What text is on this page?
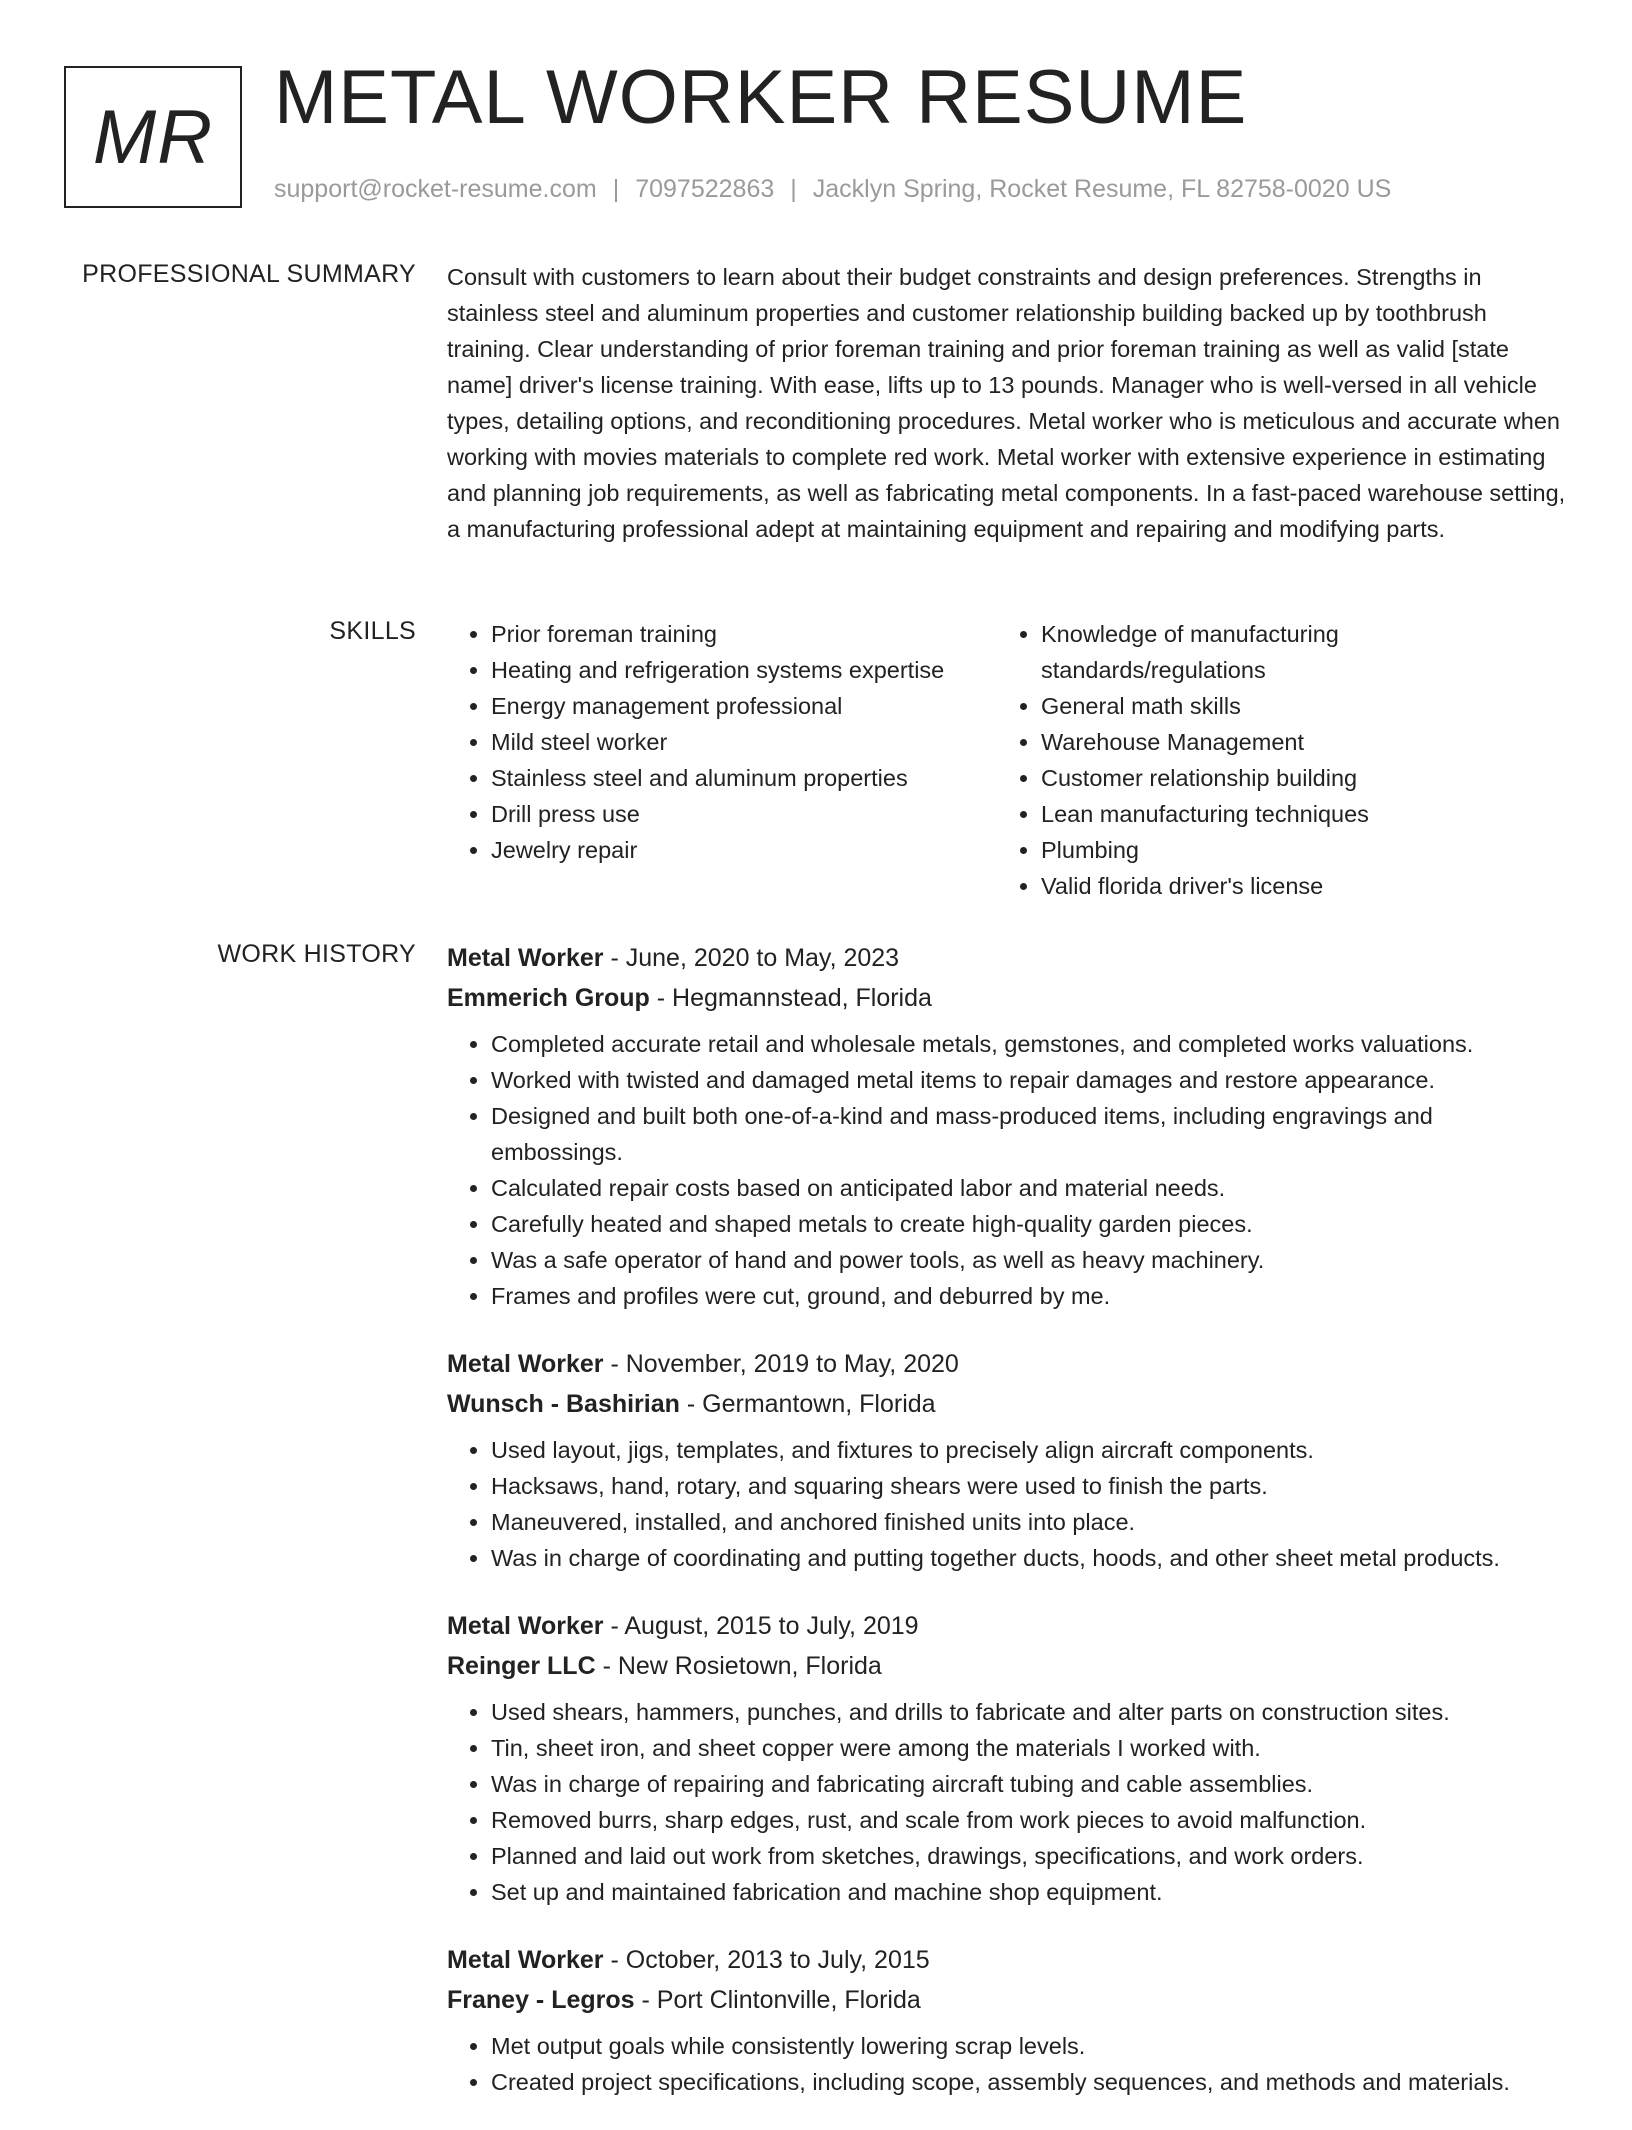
MR METAL WORKER RESUME
support@rocket-resume.com | 7097522863 | Jacklyn Spring, Rocket Resume, FL 82758-0020 US
PROFESSIONAL SUMMARY Consult with customers to learn about their budget constraints and design preferences. Strengths in stainless steel and aluminum properties and customer relationship building backed up by toothbrush training. Clear understanding of prior foreman training and prior foreman training as well as valid [state name] driver's license training. With ease, lifts up to 13 pounds. Manager who is well-versed in all vehicle types, detailing options, and reconditioning procedures. Metal worker who is meticulous and accurate when working with movies materials to complete red work. Metal worker with extensive experience in estimating and planning job requirements, as well as fabricating metal components. In a fast-paced warehouse setting, a manufacturing professional adept at maintaining equipment and repairing and modifying parts.

SKILLS
•	Prior foreman training
• Heating and refrigeration systems expertise
• Energy management professional
• Mild steel worker
• Stainless steel and aluminum properties
• Drill press use
• Jewelry repair
• Knowledge of manufacturing standards/regulations
• General math skills
• Warehouse Management
• Customer relationship building
• Lean manufacturing techniques
• Plumbing
• Valid florida driver's license
WORK HISTORY Metal Worker - June, 2020 to May, 2023
Emmerich Group - Hegmannstead, Florida
• Completed accurate retail and wholesale metals, gemstones, and completed works valuations.
• Worked with twisted and damaged metal items to repair damages and restore appearance.
• Designed and built both one-of-a-kind and mass-produced items, including engravings and embossings.
• Calculated repair costs based on anticipated labor and material needs.
• Carefully heated and shaped metals to create high-quality garden pieces.
• Was a safe operator of hand and power tools, as well as heavy machinery.
• Frames and profiles were cut, ground, and deburred by me.
Metal Worker - November, 2019 to May, 2020
Wunsch - Bashirian - Germantown, Florida
• Used layout, jigs, templates, and fixtures to precisely align aircraft components.
• Hacksaws, hand, rotary, and squaring shears were used to finish the parts.
• Maneuvered, installed, and anchored finished units into place.
• Was in charge of coordinating and putting together ducts, hoods, and other sheet metal products.
Metal Worker - August, 2015 to July, 2019
Reinger LLC - New Rosietown, Florida
• Used shears, hammers, punches, and drills to fabricate and alter parts on construction sites.
• Tin, sheet iron, and sheet copper were among the materials I worked with.
• Was in charge of repairing and fabricating aircraft tubing and cable assemblies.
• Removed burrs, sharp edges, rust, and scale from work pieces to avoid malfunction.
• Planned and laid out work from sketches, drawings, specifications, and work orders.
• Set up and maintained fabrication and machine shop equipment.
Metal Worker - October, 2013 to July, 2015
Franey - Legros - Port Clintonville, Florida
• Met output goals while consistently lowering scrap levels.
• Created project specifications, including scope, assembly sequences, and methods and materials.
